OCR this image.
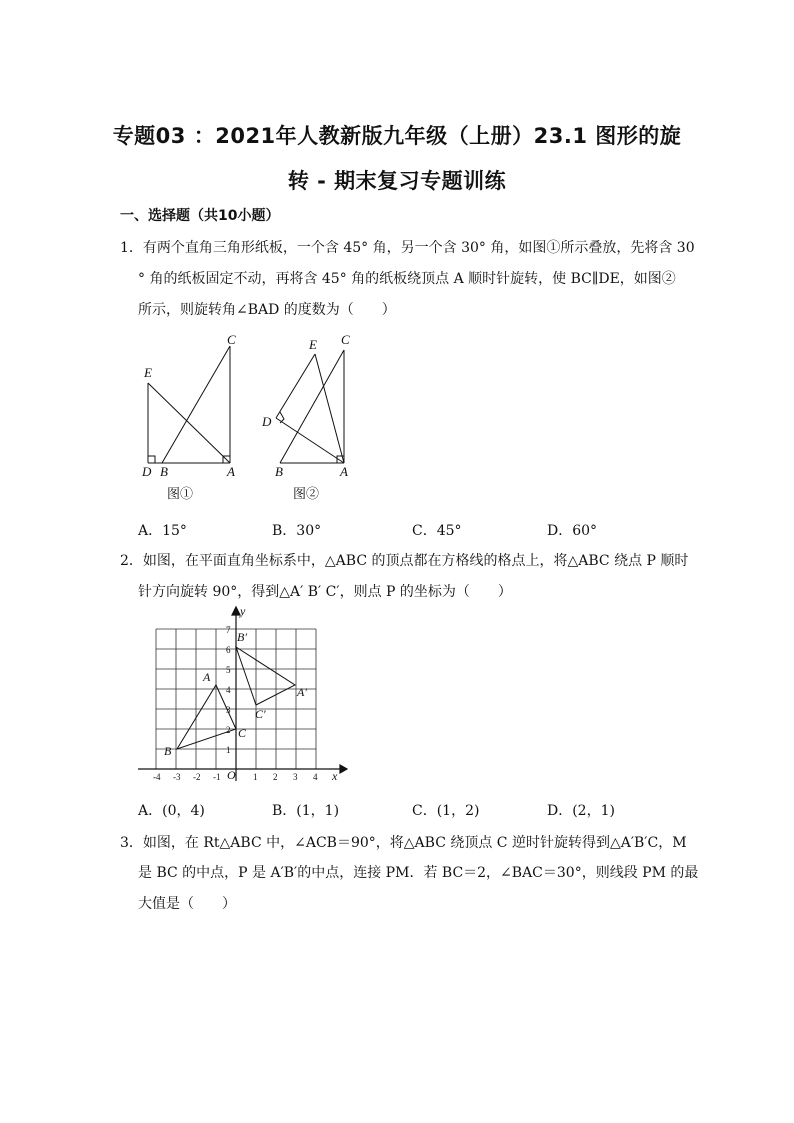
专题03 ：2021年人教新版九年级（上册）23.1 图形的旋
转 - 期末复习专题训练
一、选择题（共10小题）
1．有两个直角三角形纸板，一个含 45° 角，另一个含 30° 角，如图①所示叠放，先将含 30
° 角的纸板固定不动，再将含 45° 角的纸板绕顶点 A 顺时针旋转，使 BC∥DE，如图②
所示，则旋转角∠BAD 的度数为（　　）
C
E
D B	A
图①
C
E
D
B	A
图②
A．15°	B．30°	C．45°	D．60°
2．如图，在平面直角坐标系中，△ABC 的顶点都在方格线的格点上，将△ABC 绕点 P 顺时
针方向旋转 90°，得到△A′ B′ C′，则点 P 的坐标为（　　）
-4 -3 -2 -1 O 1 2 3 4
1
2
3
4
5
6
7
y
x
A
B
C
A′
B′
C′
A．(0，4)	B．(1，1)	C．(1，2)	D．(2，1)
3．如图，在 Rt△ABC 中，∠ACB＝90°，将△ABC 绕顶点 C 逆时针旋转得到△A′B′C，M
是 BC 的中点，P 是 A′B′的中点，连接 PM．若 BC＝2，∠BAC＝30°，则线段 PM 的最
大值是（　　）
